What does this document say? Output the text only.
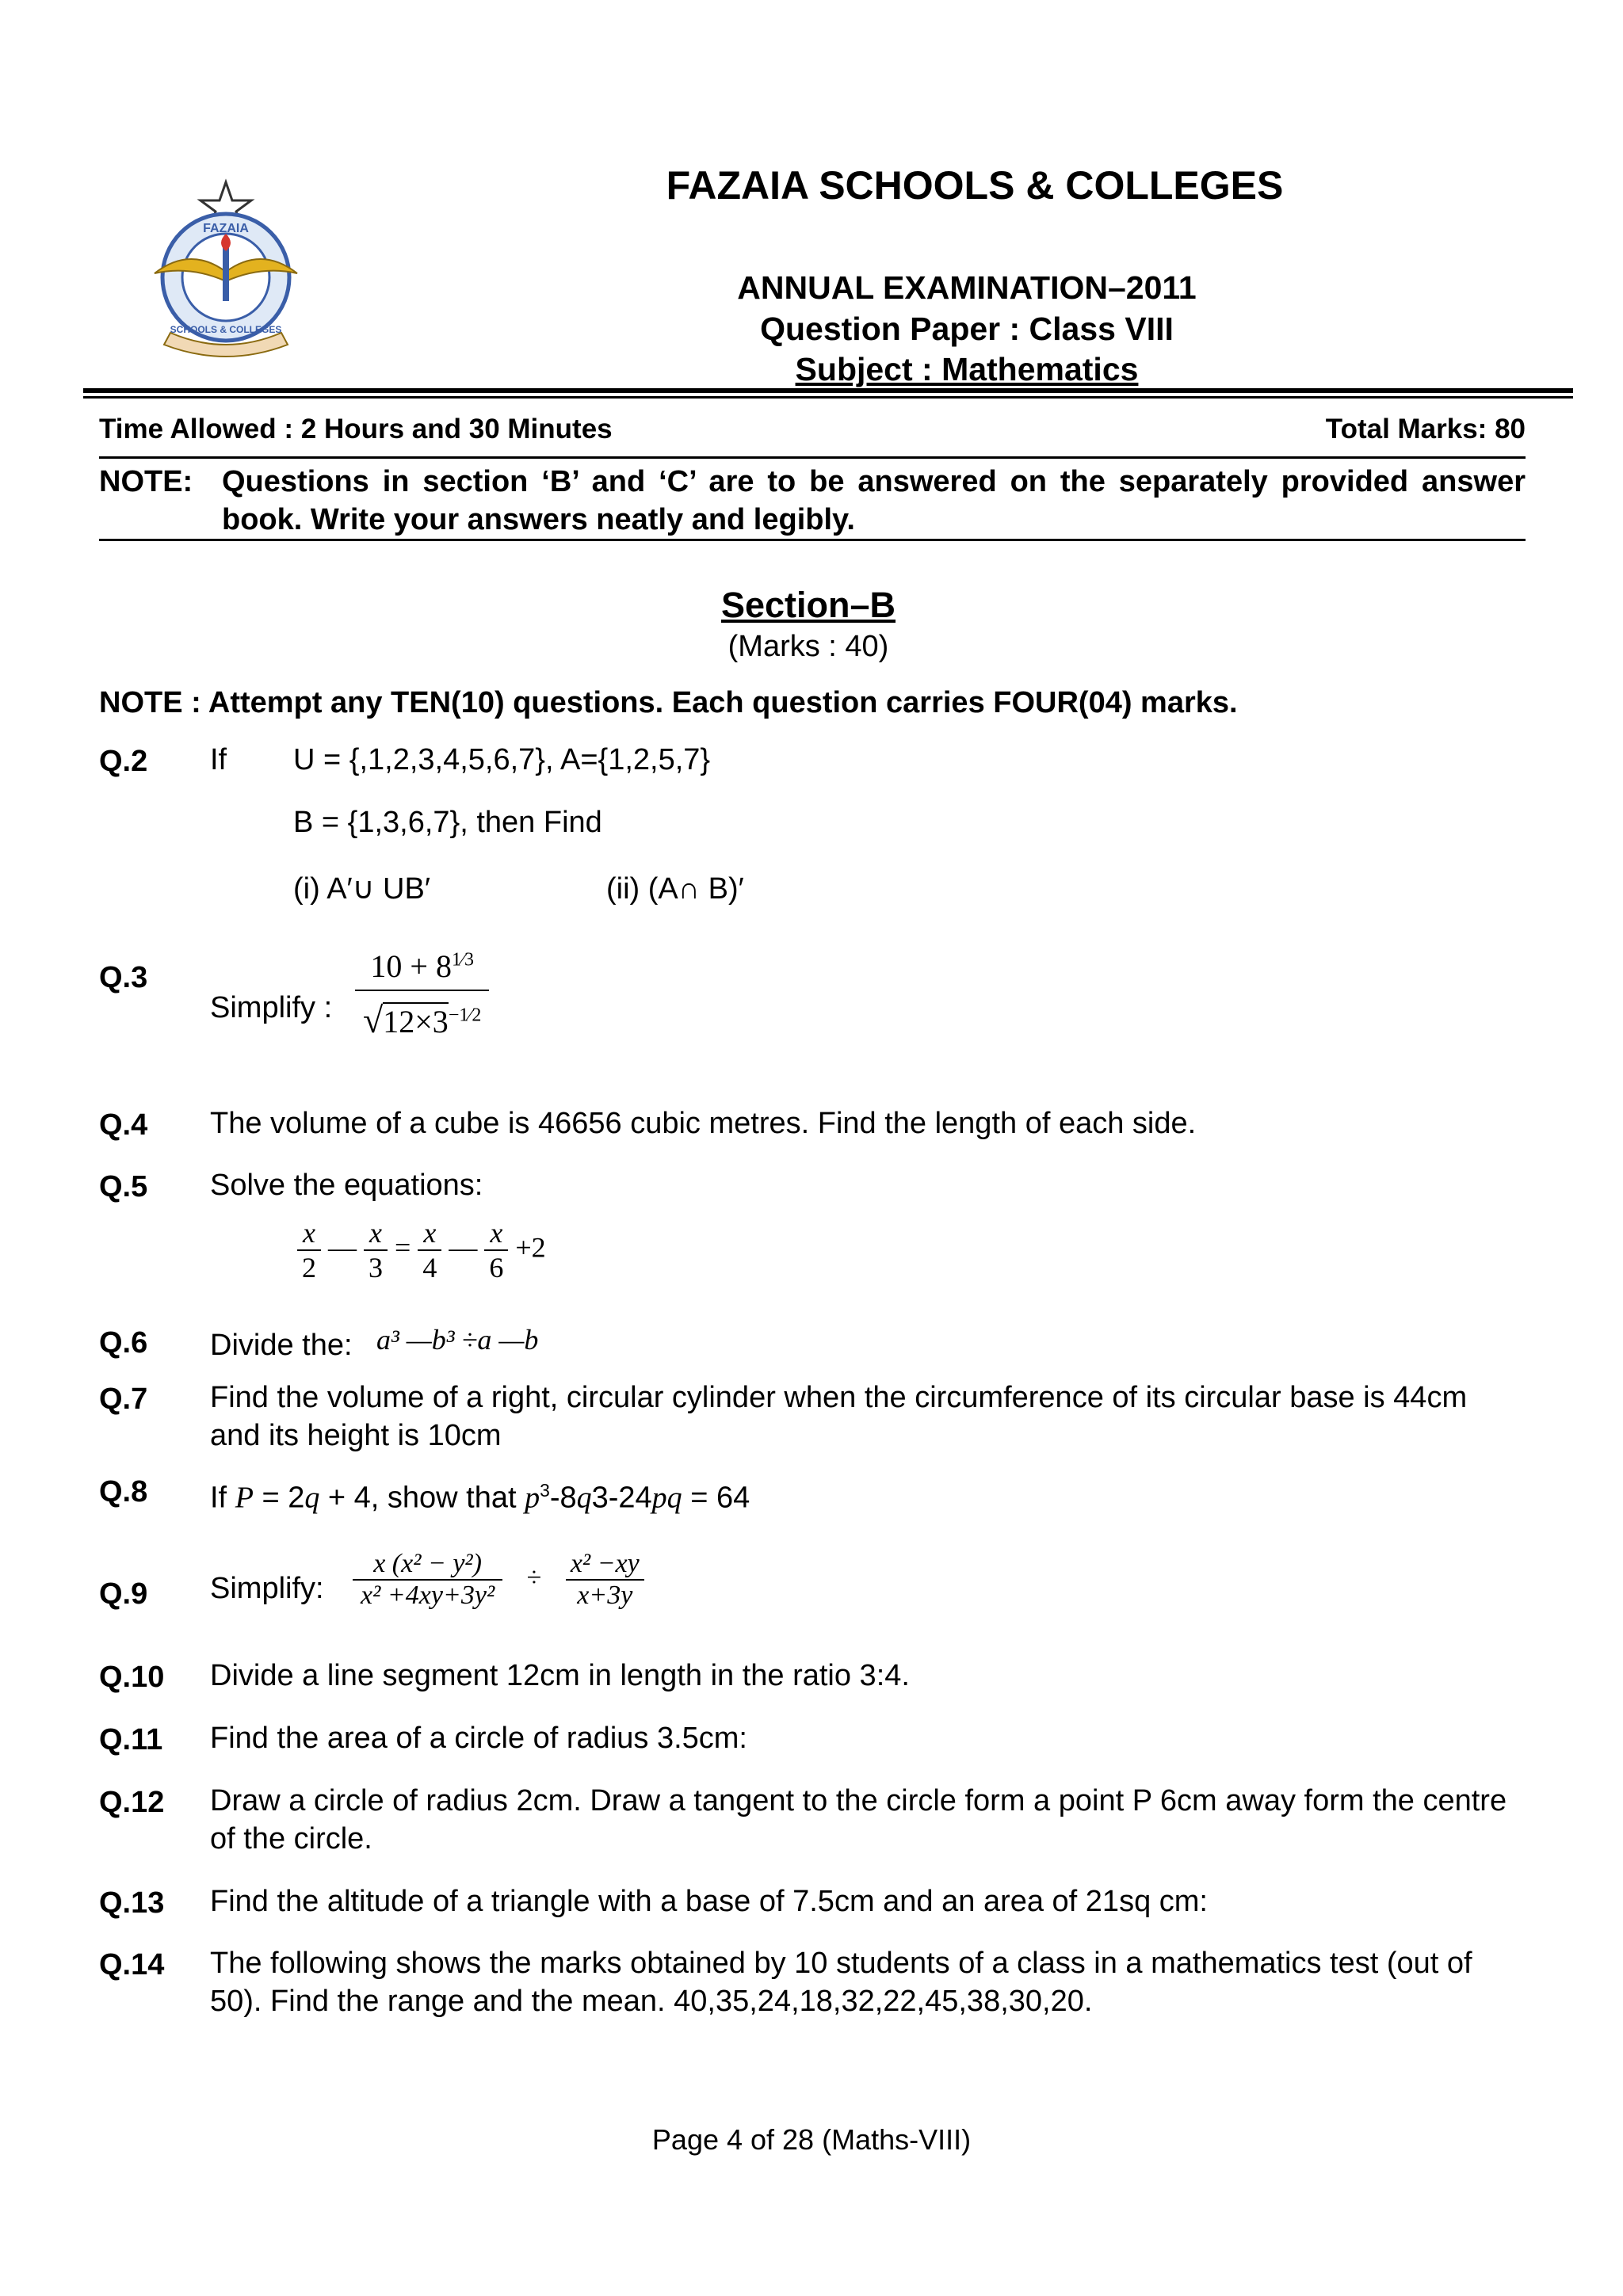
FAZAIA
SCHOOLS & COLLEGES
FAZAIA SCHOOLS & COLLEGES
ANNUAL EXAMINATION–2011
Question Paper : Class VIII
Subject : Mathematics
Time Allowed : 2 Hours and 30 Minutes	Total Marks: 80
NOTE: Questions in section ‘B’ and ‘C’ are to be answered on the separately provided answer book. Write your answers neatly and legibly.
Section–B
(Marks : 40)
NOTE : Attempt any TEN(10) questions. Each question carries FOUR(04) marks.
Q.2 If U = {,1,2,3,4,5,6,7}, A={1,2,5,7}
B = {1,3,6,7}, then Find
(i) A′∪ UB′	(ii) (A∩ B)′
Q.3
Simplify : $\frac{10 + 8^{1⁄3}}{√12\times 3^{-1⁄2}}$
Q.4 The volume of a cube is 46656 cubic metres. Find the length of each side.
Q.5 Solve the equations:
$\frac{x}{2}$ — $\frac{x}{3} = \frac{x}{4}$ — $\frac{x}{6} +2$
Q.6 Divide the: a³ —b³ ÷a —b
Q.7 Find the volume of a right, circular cylinder when the circumference of its circular base is 44cm and its height is 10cm
Q.8 If P = 2q + 4, show that $p^3-8q3-24pq = 64$
Q.9 Simplify: $\frac{\text{x (x² − y²)}}{\text{x² +4xy+3y²}} \div \frac{\text{x² −xy}}{x+3y}$
Q.10 Divide a line segment 12cm in length in the ratio 3:4.
Q.11 Find the area of a circle of radius 3.5cm:
Q.12 Draw a circle of radius 2cm. Draw a tangent to the circle form a point P 6cm away form the centre of the circle.
Q.13 Find the altitude of a triangle with a base of 7.5cm and an area of 21sq cm:
Q.14 The following shows the marks obtained by 10 students of a class in a mathematics test (out of 50). Find the range and the mean. 40,35,24,18,32,22,45,38,30,20.
Page 4 of 28 (Maths-VIII)
